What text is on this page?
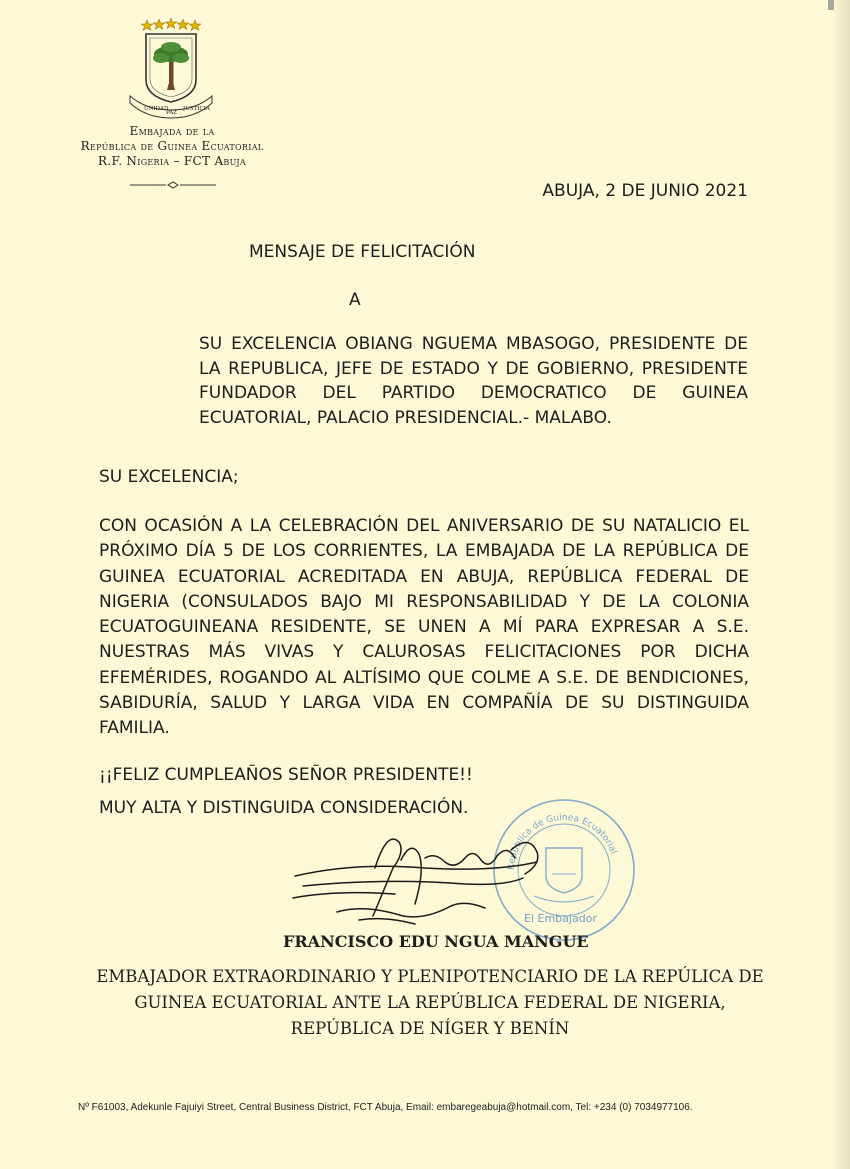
UNIDAD
PAZ
JUSTICIA
Embajada de la
República de Guinea Ecuatorial
R.F. Nigeria – FCT Abuja
ABUJA, 2 DE JUNIO 2021
MENSAJE DE FELICITACIÓN
A
SU EXCELENCIA OBIANG NGUEMA MBASOGO, PRESIDENTE DE LA REPUBLICA, JEFE DE ESTADO Y DE GOBIERNO, PRESIDENTE FUNDADOR DEL PARTIDO DEMOCRATICO DE GUINEA ECUATORIAL, PALACIO PRESIDENCIAL.- MALABO.
SU EXCELENCIA;
CON OCASIÓN A LA CELEBRACIÓN DEL ANIVERSARIO DE SU NATALICIO EL PRÓXIMO DÍA 5 DE LOS CORRIENTES, LA EMBAJADA DE LA REPÚBLICA DE GUINEA ECUATORIAL ACREDITADA EN ABUJA, REPÚBLICA FEDERAL DE NIGERIA (CONSULADOS BAJO MI RESPONSABILIDAD Y DE LA COLONIA ECUATOGUINEANA RESIDENTE, SE UNEN A MÍ PARA EXPRESAR A S.E. NUESTRAS MÁS VIVAS Y CALUROSAS FELICITACIONES POR DICHA EFEMÉRIDES, ROGANDO AL ALTÍSIMO QUE COLME A S.E. DE BENDICIONES, SABIDURÍA, SALUD Y LARGA VIDA EN COMPAÑÍA DE SU DISTINGUIDA FAMILIA.
¡¡FELIZ CUMPLEAÑOS SEÑOR PRESIDENTE!!
MUY ALTA Y DISTINGUIDA CONSIDERACIÓN.
República de Guinea Ecuatorial
El Embajador
FRANCISCO EDU NGUA MANGUE
EMBAJADOR EXTRAORDINARIO Y PLENIPOTENCIARIO DE LA REPÚLICA DE
GUINEA ECUATORIAL ANTE LA REPÚBLICA FEDERAL DE NIGERIA,
REPÚBLICA DE NÍGER Y BENÍN
Nº F61003, Adekunle Fajuiyi Street, Central Business District, FCT Abuja, Email: embaregeabuja@hotmail.com, Tel: +234 (0) 7034977106.
